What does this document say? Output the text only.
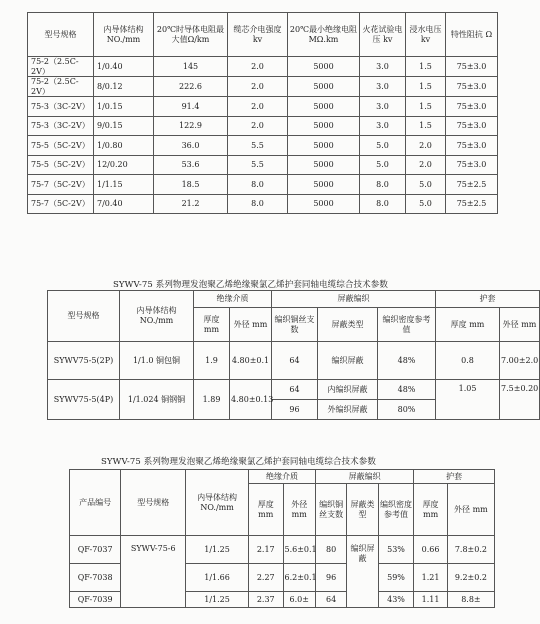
型号规格	内导体结构 NO./mm	20℃时导体电阻最大值Ω/km	缆芯介电强度 kv	20℃最小绝缘电阻 MΩ.km	火花试验电压 kv	浸水电压 kv	特性阻抗 Ω
75-2（2.5C-2V）	1/0.40	145	2.0	5000	3.0	1.5	75±3.0
75-2（2.5C-2V）	8/0.12	222.6	2.0	5000	3.0	1.5	75±3.0
75-3（3C-2V）	1/0.15	91.4	2.0	5000	3.0	1.5	75±3.0
75-3（3C-2V）	9/0.15	122.9	2.0	5000	3.0	1.5	75±3.0
75-5（5C-2V）	1/0.80	36.0	5.5	5000	5.0	2.0	75±3.0
75-5（5C-2V）	12/0.20	53.6	5.5	5000	5.0	2.0	75±3.0
75-7（5C-2V）	1/1.15	18.5	8.0	5000	8.0	5.0	75±2.5
75-7（5C-2V）	7/0.40	21.2	8.0	5000	8.0	5.0	75±2.5
SYWV-75 系列物理发泡聚乙烯绝缘聚氯乙烯护套同轴电缆综合技术参数
型号规格	内导体结构 NO./mm	绝缘介质		屏蔽编织			护套	
		厚度 mm	外径 mm	编织铜丝支数	屏蔽类型	编织密度参考值	厚度 mm	外径 mm
SYWV75-5(2P)	1/1.0 铜包铜	1.9	4.80±0.1	64	编织屏蔽	48%	0.8	7.00±2.0
SYWV75-5(4P)	1/1.024 铜钢铜	1.89	4.80±0.13	64	内编织屏蔽	48%	1.05	7.5±0.20
				96	外编织屏蔽	80%		
SYWV-75 系列物理发泡聚乙烯绝缘聚氯乙烯护套同轴电缆综合技术参数
产品编号	型号规格	内导体结构 NO./mm	绝缘介质		屏蔽编织			护套	
			厚度 mm	外径 mm	编织铜丝支数	屏蔽类型	编织密度参考值	厚度 mm	外径 mm
QF-7037	SYWV-75-6	1/1.25	2.17	5.6±0.1	80	编织屏蔽	53%	0.66	7.8±0.2
QF-7038		1/1.66	2.27	6.2±0.1	96		59%	1.21	9.2±0.2
QF-7039		1/1.25	2.37	6.0±	64		43%	1.11	8.8±
